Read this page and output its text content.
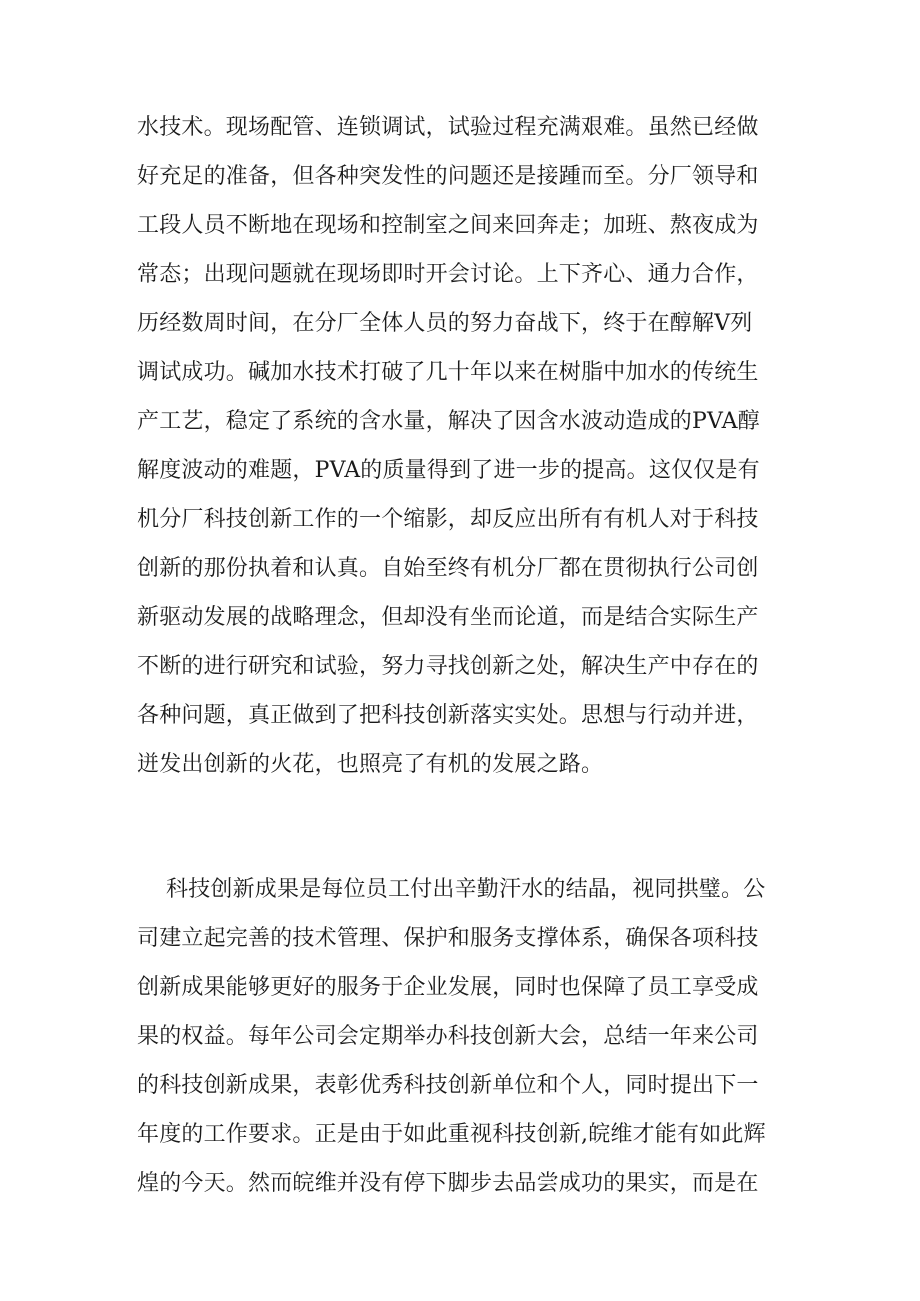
水技术。现场配管、连锁调试，试验过程充满艰难。虽然已经做
好充足的准备，但各种突发性的问题还是接踵而至。分厂领导和
工段人员不断地在现场和控制室之间来回奔走；加班、熬夜成为
常态；出现问题就在现场即时开会讨论。上下齐心、通力合作，
历经数周时间，在分厂全体人员的努力奋战下，终于在醇解Ⅴ列
调试成功。碱加水技术打破了几十年以来在树脂中加水的传统生
产工艺，稳定了系统的含水量，解决了因含水波动造成的PVA醇
解度波动的难题，PVA的质量得到了进一步的提高。这仅仅是有
机分厂科技创新工作的一个缩影，却反应出所有有机人对于科技
创新的那份执着和认真。自始至终有机分厂都在贯彻执行公司创
新驱动发展的战略理念，但却没有坐而论道，而是结合实际生产
不断的进行研究和试验，努力寻找创新之处，解决生产中存在的
各种问题，真正做到了把科技创新落实实处。思想与行动并进，
迸发出创新的火花，也照亮了有机的发展之路。
科技创新成果是每位员工付出辛勤汗水的结晶，视同拱璧。公
司建立起完善的技术管理、保护和服务支撑体系，确保各项科技
创新成果能够更好的服务于企业发展，同时也保障了员工享受成
果的权益。每年公司会定期举办科技创新大会，总结一年来公司
的科技创新成果，表彰优秀科技创新单位和个人，同时提出下一
年度的工作要求。正是由于如此重视科技创新,皖维才能有如此辉
煌的今天。然而皖维并没有停下脚步去品尝成功的果实，而是在
